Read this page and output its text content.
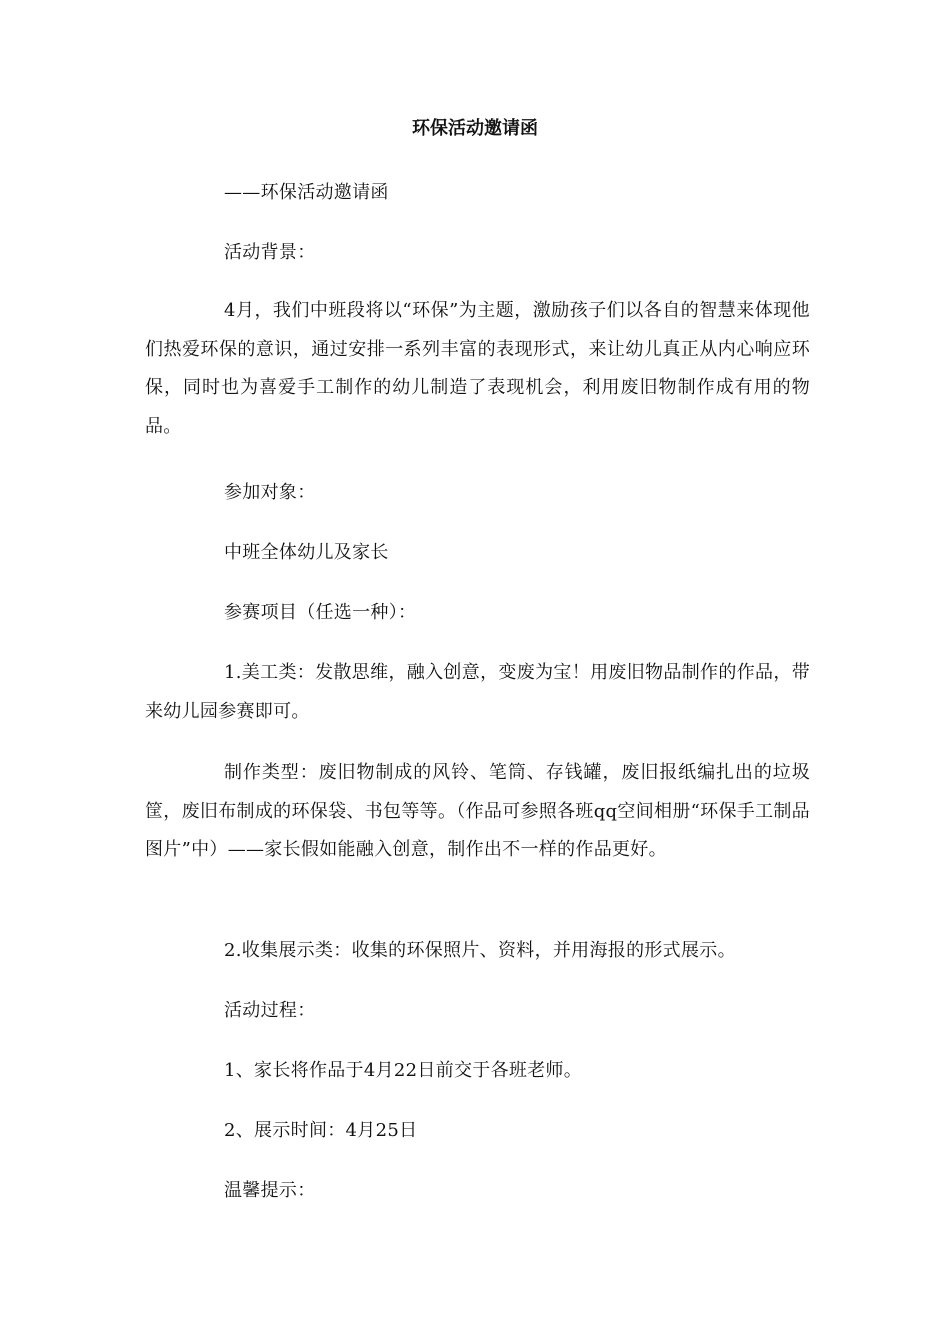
环保活动邀请函

——环保活动邀请函

活动背景：

4月，我们中班段将以“环保”为主题，激励孩子们以各自的智慧来体现他们热爱环保的意识，通过安排一系列丰富的表现形式，来让幼儿真正从内心响应环保，同时也为喜爱手工制作的幼儿制造了表现机会，利用废旧物制作成有用的物品。

参加对象：

中班全体幼儿及家长

参赛项目（任选一种）：

1.美工类：发散思维，融入创意，变废为宝！用废旧物品制作的作品，带来幼儿园参赛即可。

制作类型：废旧物制成的风铃、笔筒、存钱罐，废旧报纸编扎出的垃圾筐，废旧布制成的环保袋、书包等等。（作品可参照各班qq空间相册“环保手工制品图片”中）——家长假如能融入创意，制作出不一样的作品更好。

2.收集展示类：收集的环保照片、资料，并用海报的形式展示。

活动过程：

1、家长将作品于4月22日前交于各班老师。

2、展示时间：4月25日

温馨提示：
